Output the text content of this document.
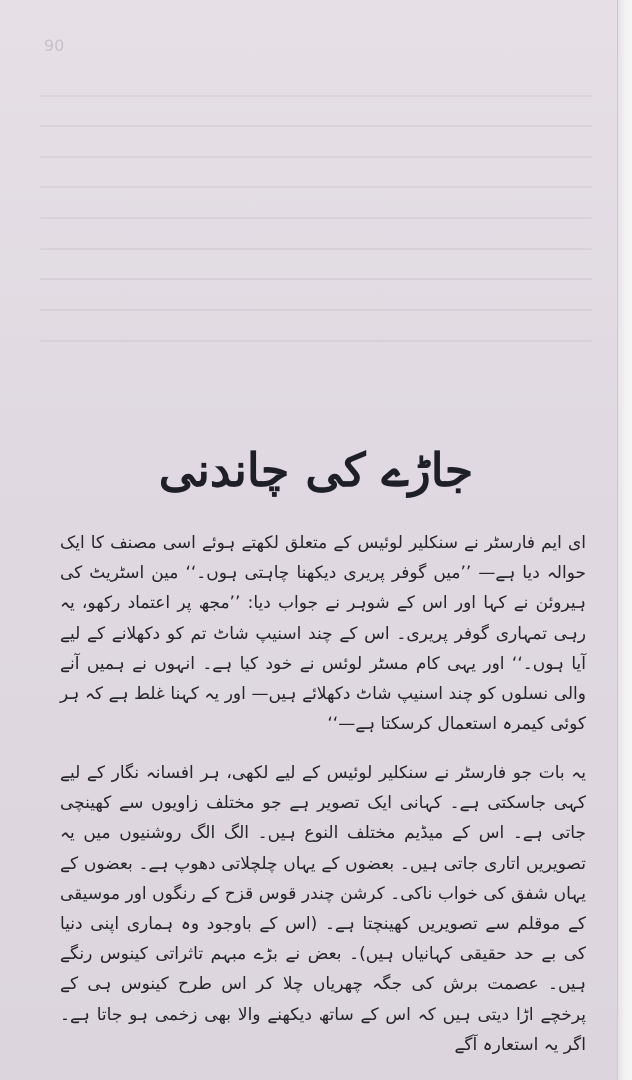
90

جاڑے کی چاندنی

ای ایم فارسٹر نے سنکلیر لوئیس کے متعلق لکھتے ہوئے اسی مصنف کا ایک حوالہ دیا ہے— ’’میں گوفر پریری دیکھنا چاہتی ہوں۔‘‘ مین اسٹریٹ کی ہیروئن نے کہا اور اس کے شوہر نے جواب دیا: ’’مجھ پر اعتماد رکھو، یہ رہی تمہاری گوفر پریری۔ اس کے چند اسنیپ شاٹ تم کو دکھلانے کے لیے آیا ہوں۔‘‘ اور یہی کام مسٹر لوئس نے خود کیا ہے۔ انہوں نے ہمیں آنے والی نسلوں کو چند اسنیپ شاٹ دکھلائے ہیں— اور یہ کہنا غلط ہے کہ ہر کوئی کیمرہ استعمال کرسکتا ہے—‘‘

یہ بات جو فارسٹر نے سنکلیر لوئیس کے لیے لکھی، ہر افسانہ نگار کے لیے کہی جاسکتی ہے۔ کہانی ایک تصویر ہے جو مختلف زاویوں سے کھینچی جاتی ہے۔ اس کے میڈیم مختلف النوع ہیں۔ الگ الگ روشنیوں میں یہ تصویریں اتاری جاتی ہیں۔ بعضوں کے یہاں چلچلاتی دھوپ ہے۔ بعضوں کے یہاں شفق کی خواب ناکی۔ کرشن چندر قوس قزح کے رنگوں اور موسیقی کے موقلم سے تصویریں کھینچتا ہے۔ (اس کے باوجود وہ ہماری اپنی دنیا کی بے حد حقیقی کہانیاں ہیں)۔ بعض نے بڑے مبہم تاثراتی کینوس رنگے ہیں۔ عصمت برش کی جگہ چھریاں چلا کر اس طرح کینوس ہی کے پرخچے اڑا دیتی ہیں کہ اس کے ساتھ دیکھنے والا بھی زخمی ہو جاتا ہے۔ اگر یہ استعارہ آگے
